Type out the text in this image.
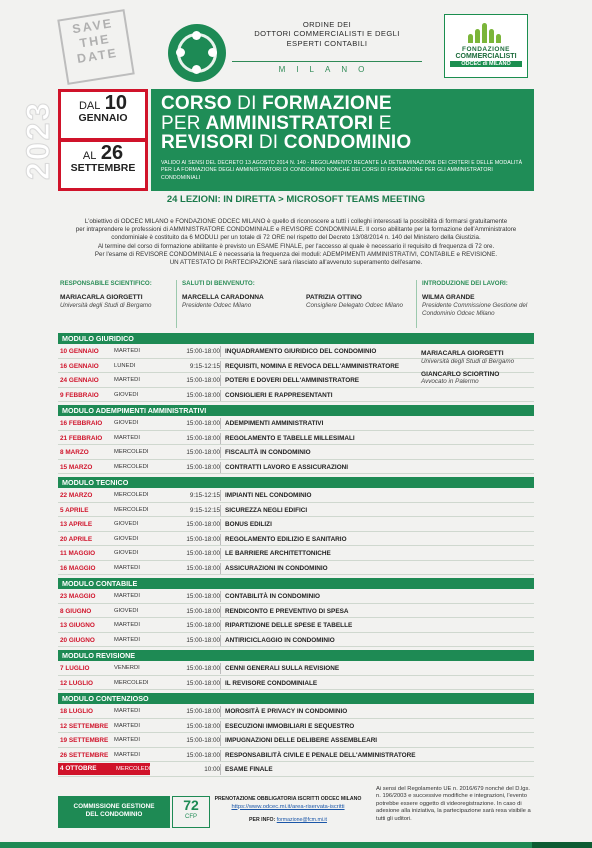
SAVE
THE
DATE
ORDINE DEI
DOTTORI COMMERCIALISTI E DEGLI
ESPERTI CONTABILI
MILANO
FONDAZIONE
COMMERCIALISTI
ODCEC di MILANO
2023	DAL 10
GENNAIO
AL 26
SETTEMBRE
CORSO DI FORMAZIONE
PER AMMINISTRATORI E
REVISORI DI CONDOMINIO
VALIDO AI SENSI DEL DECRETO 13 AGOSTO 2014 N. 140 - REGOLAMENTO RECANTE LA DETERMINAZIONE DEI CRITERI E DELLE MODALITÀ PER LA FORMAZIONE DEGLI AMMINISTRATORI DI CONDOMINIO NONCHÉ DEI CORSI DI FORMAZIONE PER GLI AMMINISTRATORI CONDOMINIALI
24 LEZIONI: IN DIRETTA > MICROSOFT TEAMS MEETING
L'obiettivo di ODCEC MILANO e FONDAZIONE ODCEC MILANO è quello di riconoscere a tutti i colleghi interessati la possibilità di formarsi gratuitamente
per intraprendere le professioni di AMMINISTRATORE CONDOMINIALE e REVISORE CONDOMINIALE. Il corso abilitante per la formazione dell'Amministratore
condominiale è costituito da 6 MODULI per un totale di 72 ORE nel rispetto del Decreto 13/08/2014 n. 140 del Ministero della Giustizia.
Al termine del corso di formazione abilitante è previsto un ESAME FINALE, per l'accesso al quale è necessario il requisito di frequenza di 72 ore.
Per l'esame di REVISORE CONDOMINIALE è necessaria la frequenza dei moduli: ADEMPIMENTI AMMINISTRATIVI, CONTABILE e REVISIONE.
UN ATTESTATO DI PARTECIPAZIONE sarà rilasciato all'avvenuto superamento dell'esame.
RESPONSABILE SCIENTIFICO:
MARIACARLA GIORGETTI
Università degli Studi di Bergamo
SALUTI DI BENVENUTO:
MARCELLA CARADONNA
Presidente Odcec Milano
PATRIZIA OTTINO
Consigliere Delegato Odcec Milano
INTRODUZIONE DEI LAVORI:
WILMA GRANDE
Presidente Commissione Gestione del Condominio Odcec Milano
MODULO GIURIDICO
10 GENNAIO	MARTEDI	15:00-18:00 INQUADRAMENTO GIURIDICO DEL CONDOMINIO
16 GENNAIO	LUNEDI	9:15-12:15 REQUISITI, NOMINA E REVOCA DELL'AMMINISTRATORE
24 GENNAIO	MARTEDI	15:00-18:00 POTERI E DOVERI DELL'AMMINISTRATORE
9 FEBBRAIO	GIOVEDI	15:00-18:00 CONSIGLIERI E RAPPRESENTANTI
MODULO ADEMPIMENTI AMMINISTRATIVI
16 FEBBRAIO GIOVEDI	15:00-18:00 ADEMPIMENTI AMMINISTRATIVI
21 FEBBRAIO MARTEDI	15:00-18:00 REGOLAMENTO E TABELLE MILLESIMALI
8 MARZO	MERCOLEDI	15:00-18:00 FISCALITÀ IN CONDOMINIO
15 MARZO	MERCOLEDI	15:00-18:00 CONTRATTI LAVORO E ASSICURAZIONI
MODULO TECNICO
22 MARZO	MERCOLEDI	9:15-12:15 IMPIANTI NEL CONDOMINIO
5 APRILE	MERCOLEDI	9:15-12:15 SICUREZZA NEGLI EDIFICI
13 APRILE	GIOVEDI	15:00-18:00 BONUS EDILIZI
20 APRILE	GIOVEDI	15:00-18:00 REGOLAMENTO EDILIZIO E SANITARIO
11 MAGGIO	GIOVEDI	15:00-18:00 LE BARRIERE ARCHITETTONICHE
16 MAGGIO	MARTEDI	15:00-18:00 ASSICURAZIONI IN CONDOMINIO
MODULO CONTABILE
23 MAGGIO	MARTEDI	15:00-18:00 CONTABILITÀ IN CONDOMINIO
8 GIUGNO	GIOVEDI	15:00-18:00 RENDICONTO E PREVENTIVO DI SPESA
13 GIUGNO	MARTEDI	15:00-18:00 RIPARTIZIONE DELLE SPESE E TABELLE
20 GIUGNO	MARTEDI	15:00-18:00 ANTIRICICLAGGIO IN CONDOMINIO
MODULO REVISIONE
7 LUGLIO	VENERDI	15:00-18:00 CENNI GENERALI SULLA REVISIONE
12 LUGLIO	MERCOLEDI	15:00-18:00 IL REVISORE CONDOMINIALE
MODULO CONTENZIOSO
18 LUGLIO	MARTEDI	15:00-18:00 MOROSITÀ E PRIVACY IN CONDOMINIO
12 SETTEMBRE MARTEDI	15:00-18:00 ESECUZIONI IMMOBILIARI E SEQUESTRO
19 SETTEMBRE MARTEDI	15:00-18:00 IMPUGNAZIONI DELLE DELIBERE ASSEMBLEARI
26 SETTEMBRE MARTEDI	15:00-18:00 RESPONSABILITÀ CIVILE E PENALE DELL'AMMINISTRATORE
4 OTTOBRE	MERCOLEDI	10:00 ESAME FINALE
MARIACARLA GIORGETTI
Università degli Studi di Bergamo
GIANCARLO SCIORTINO
Avvocato in Palermo
COMMISSIONE GESTIONE
DEL CONDOMINIO
72
CFP
PRENOTAZIONE OBBLIGATORIA ISCRITTI ODCEC MILANO
https://www.odcec.mi.it/area-riservata-iscritti
PER INFO: formazione@fcm.mi.it
Ai sensi del Regolamento UE n. 2016/679 nonché del D.lgs. n. 196/2003 e successive modifiche e integrazioni, l'evento potrebbe essere oggetto di videoregistrazione. In caso di adesione alla iniziativa, la partecipazione sarà resa visibile a tutti gli uditori.
